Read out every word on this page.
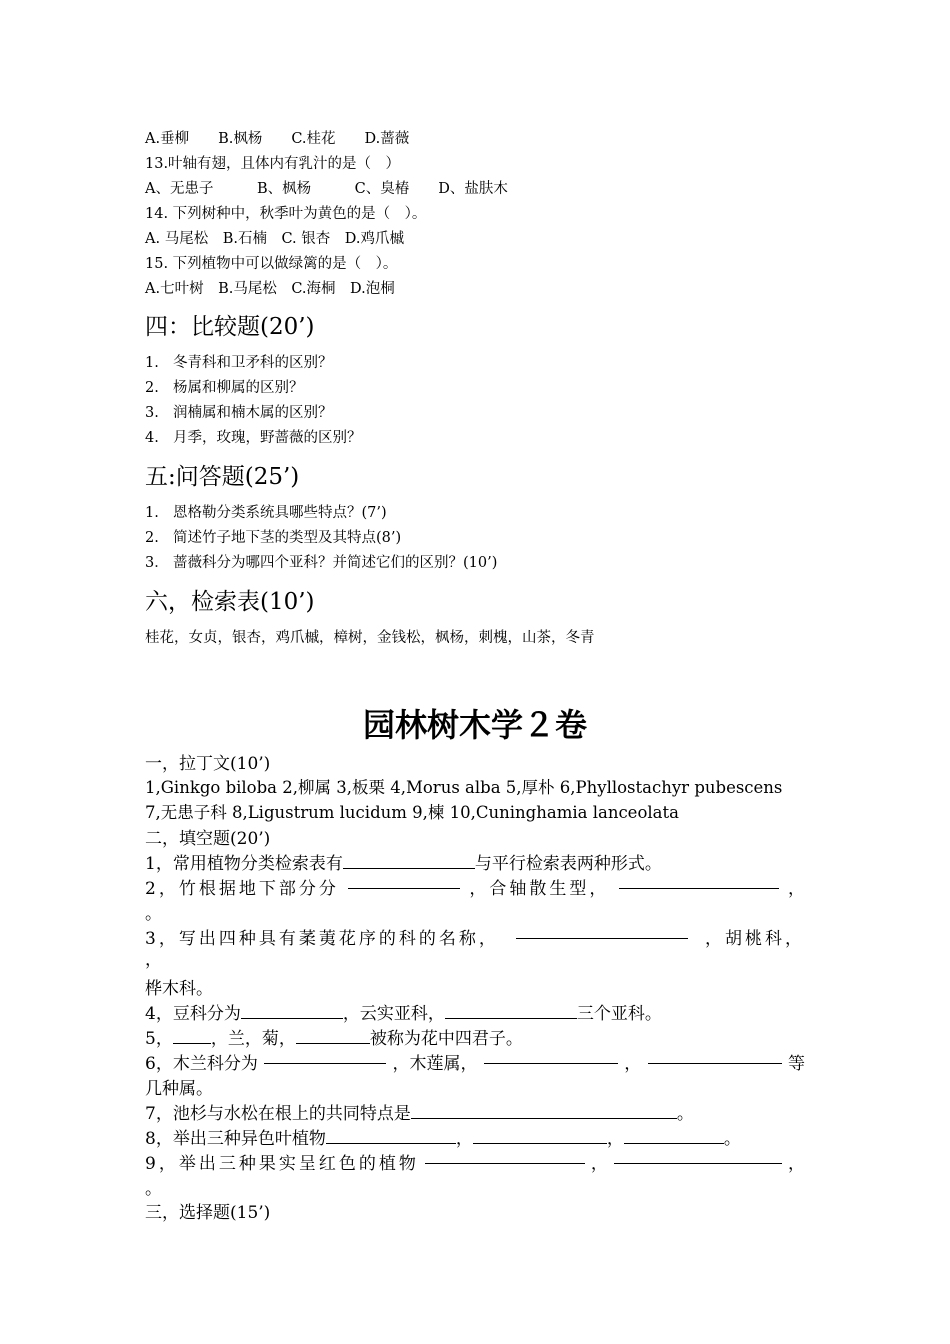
A.垂柳　　B.枫杨　　C.桂花　　D.蔷薇
13.叶轴有翅，且体内有乳汁的是（　）
A、无患子　　　B、枫杨　　　C、臭椿　　D、盐肤木
14. 下列树种中，秋季叶为黄色的是（　）。
A. 马尾松　B.石楠　C. 银杏　D.鸡爪槭
15. 下列植物中可以做绿篱的是（　）。
A.七叶树　B.马尾松　C.海桐　D.泡桐
四：比较题(20’)
1. 冬青科和卫矛科的区别？
2. 杨属和柳属的区别？
3. 润楠属和楠木属的区别？
4. 月季，玫瑰，野蔷薇的区别？
五:问答题(25’)
1. 恩格勒分类系统具哪些特点？(7’)
2. 简述竹子地下茎的类型及其特点(8’)
3． 蔷薇科分为哪四个亚科？并简述它们的区别？(10’)
六，检索表(10’)
桂花，女贞，银杏，鸡爪槭，樟树，金钱松，枫杨，刺槐，山茶，冬青
园林树木学２卷
一，拉丁文(10’)
1,Ginkgo biloba 2,柳属 3,板栗 4,Morus alba 5,厚朴 6,Phyllostachyr pubescens
7,无患子科 8,Ligustrum lucidum 9,楝 10,Cuninghamia lanceolata
二，填空题(20’)
1，常用植物分类检索表有	与平行检索表两种形式。
2，竹根据地下部分分	，合轴散生型，	，
。
3，写出四种具有葇荑花序的科的名称，	，胡桃科，
，
桦木科。
4，豆科分为	，云实亚科，	三个亚科。
5， ，兰，菊，	被称为花中四君子。
6，木兰科分为	，木莲属，	，	等
几种属。
7，池杉与水松在根上的共同特点是	。
8，举出三种异色叶植物	，	，	。
9，举出三种果实呈红色的植物	，	，
。
三，选择题(15’)
